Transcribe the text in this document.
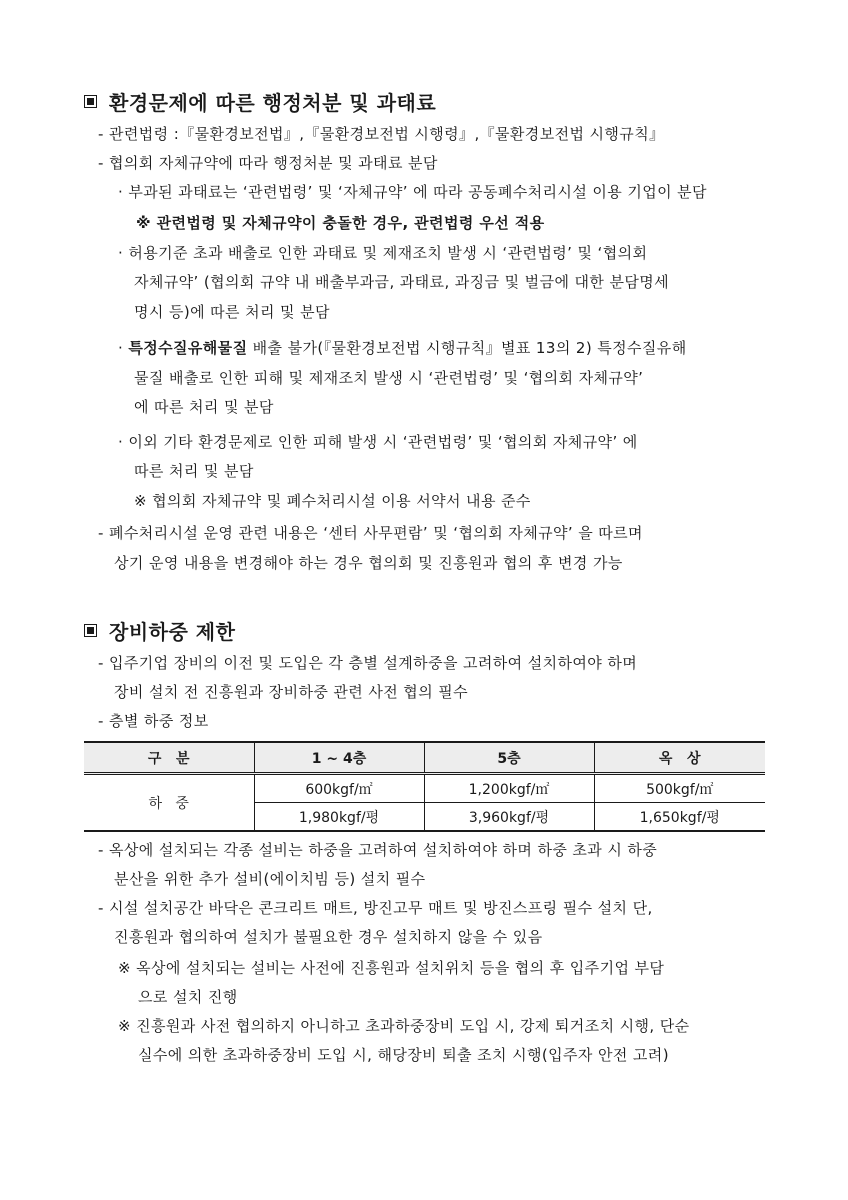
환경문제에 따른 행정처분 및 과태료
- 관련법령 :『물환경보전법』,『물환경보전법 시행령』,『물환경보전법 시행규칙』
- 협의회 자체규약에 따라 행정처분 및 과태료 분담
· 부과된 과태료는 ‘관련법령’ 및 ‘자체규약’ 에 따라 공동폐수처리시설 이용 기업이 분담
※ 관련법령 및 자체규약이 충돌한 경우, 관련법령 우선 적용
· 허용기준 초과 배출로 인한 과태료 및 제재조치 발생 시 ‘관련법령’ 및 ‘협의회
자체규약’ (협의회 규약 내 배출부과금, 과태료, 과징금 및 벌금에 대한 분담명세
명시 등)에 따른 처리 및 분담
· 특정수질유해물질 배출 불가(『물환경보전법 시행규칙』별표 13의 2) 특정수질유해
물질 배출로 인한 피해 및 제재조치 발생 시 ‘관련법령’ 및 ‘협의회 자체규약’
에 따른 처리 및 분담
· 이외 기타 환경문제로 인한 피해 발생 시 ‘관련법령’ 및 ‘협의회 자체규약’ 에
따른 처리 및 분담
※ 협의회 자체규약 및 폐수처리시설 이용 서약서 내용 준수
- 폐수처리시설 운영 관련 내용은 ‘센터 사무편람’ 및 ‘협의회 자체규약’ 을 따르며
상기 운영 내용을 변경해야 하는 경우 협의회 및 진흥원과 협의 후 변경 가능
장비하중 제한
- 입주기업 장비의 이전 및 도입은 각 층별 설계하중을 고려하여 설치하여야 하며
장비 설치 전 진흥원과 장비하중 관련 사전 협의 필수
- 층별 하중 정보
구   분	1 ~ 4층	5층	옥   상
하   중	600kgf/㎡	1,200kgf/㎡	500kgf/㎡
	1,980kgf/평	3,960kgf/평	1,650kgf/평
- 옥상에 설치되는 각종 설비는 하중을 고려하여 설치하여야 하며 하중 초과 시 하중
분산을 위한 추가 설비(에이치빔 등) 설치 필수
- 시설 설치공간 바닥은 콘크리트 매트, 방진고무 매트 및 방진스프링 필수 설치 단,
진흥원과 협의하여 설치가 불필요한 경우 설치하지 않을 수 있음
※ 옥상에 설치되는 설비는 사전에 진흥원과 설치위치 등을 협의 후 입주기업 부담
으로 설치 진행
※ 진흥원과 사전 협의하지 아니하고 초과하중장비 도입 시, 강제 퇴거조치 시행, 단순
실수에 의한 초과하중장비 도입 시, 해당장비 퇴출 조치 시행(입주자 안전 고려)
